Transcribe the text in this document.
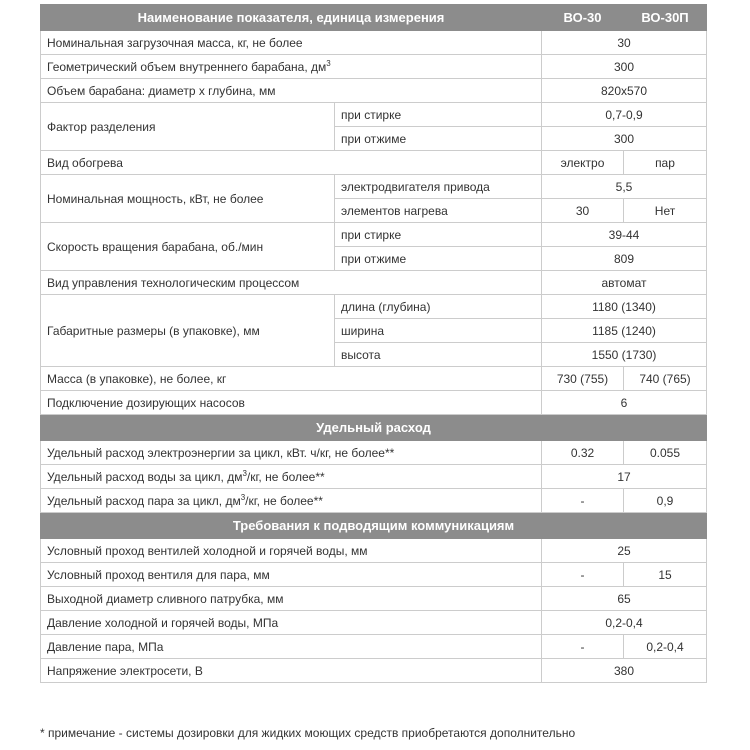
Наименование показателя, единица измерения		ВО-30	ВО-30П
Номинальная загрузочная масса, кг, не более		30	
Геометрический объем внутреннего барабана, $дм^3$		300	
Объем барабана: диаметр х глубина, мм		820х570	
Фактор разделения	при стирке	0,7-0,9	
	при отжиме	300	
Вид обогрева		электро	пар
Номинальная мощность, кВт, не более	электродвигателя привода	5,5	
	элементов нагрева	30	Нет
Скорость вращения барабана, об./мин	при стирке	39-44	
	при отжиме	809	
Вид управления технологическим процессом		автомат	
Габаритные размеры (в упаковке), мм	длина (глубина)	1180 (1340)	
	ширина	1185 (1240)	
	высота	1550 (1730)	
Масса (в упаковке), не более, кг		730 (755)	740 (765)
Подключение дозирующих насосов		6	
Удельный расход			
Удельный расход электроэнергии за цикл, кВт. ч/кг, не более**		0.32	0.055
Удельный расход воды за цикл, $дм^3/кг$, не более**		17	
Удельный расход пара за цикл, $дм^3/кг$, не более**		-	0,9
Требования к подводящим коммуникациям			
Условный проход вентилей холодной и горячей воды, мм		25	
Условный проход вентиля для пара, мм		-	15
Выходной диаметр сливного патрубка, мм		65	
Давление холодной и горячей воды, МПа		0,2-0,4	
Давление пара, МПа		-	0,2-0,4
Напряжение электросети, В		380	
* примечание - системы дозировки для жидких моющих средств приобретаются дополнительно
